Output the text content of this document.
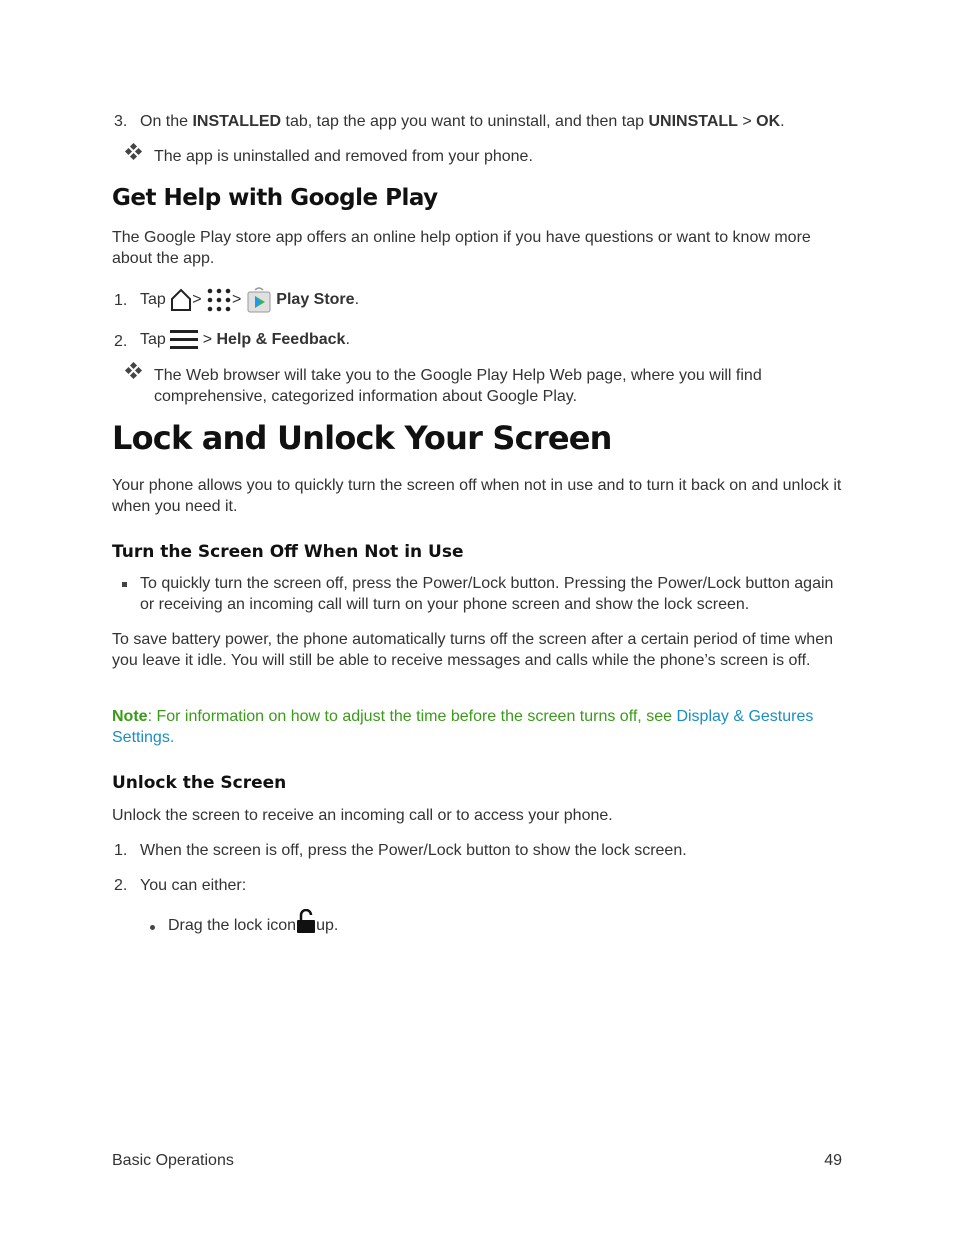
3. On the INSTALLED tab, tap the app you want to uninstall, and then tap UNINSTALL > OK.
The app is uninstalled and removed from your phone.
Get Help with Google Play
The Google Play store app offers an online help option if you have questions or want to know more about the app.
1. Tap > > Play Store.
2. Tap > Help & Feedback.
The Web browser will take you to the Google Play Help Web page, where you will find comprehensive, categorized information about Google Play.
Lock and Unlock Your Screen
Your phone allows you to quickly turn the screen off when not in use and to turn it back on and unlock it when you need it.
Turn the Screen Off When Not in Use
To quickly turn the screen off, press the Power/Lock button. Pressing the Power/Lock button again or receiving an incoming call will turn on your phone screen and show the lock screen.
To save battery power, the phone automatically turns off the screen after a certain period of time when you leave it idle. You will still be able to receive messages and calls while the phone’s screen is off.
Note: For information on how to adjust the time before the screen turns off, see Display & Gestures Settings.
Unlock the Screen
Unlock the screen to receive an incoming call or to access your phone.
1. When the screen is off, press the Power/Lock button to show the lock screen.
2. You can either:
Drag the lock icon up.
Basic Operations	49
